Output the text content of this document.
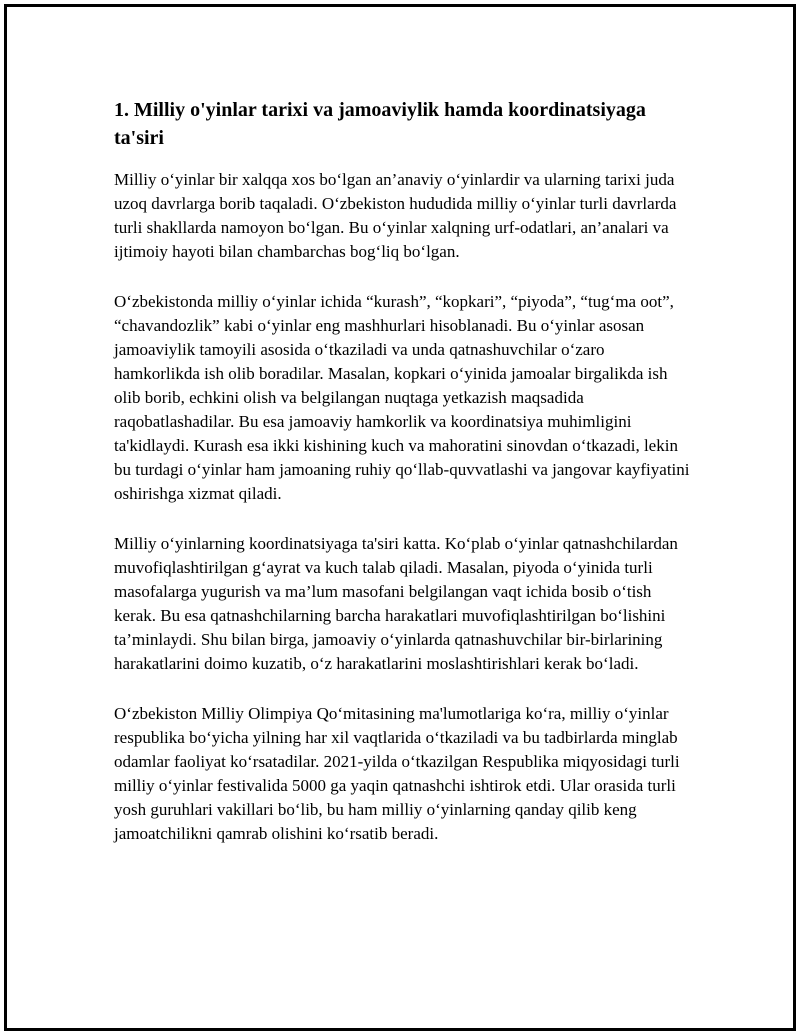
1. Milliy o'yinlar tarixi va jamoaviylik hamda koordinatsiyaga ta'siri

Milliy o‘yinlar bir xalqqa xos bo‘lgan an’anaviy o‘yinlardir va ularning tarixi juda uzoq davrlarga borib taqaladi. O‘zbekiston hududida milliy o‘yinlar turli davrlarda turli shakllarda namoyon bo‘lgan. Bu o‘yinlar xalqning urf-odatlari, an’analari va ijtimoiy hayoti bilan chambarchas bog‘liq bo‘lgan.

O‘zbekistonda milliy o‘yinlar ichida “kurash”, “kopkari”, “piyoda”, “tug‘ma oot”, “chavandozlik” kabi o‘yinlar eng mashhurlari hisoblanadi. Bu o‘yinlar asosan jamoaviylik tamoyili asosida o‘tkaziladi va unda qatnashuvchilar o‘zaro hamkorlikda ish olib boradilar. Masalan, kopkari o‘yinida jamoalar birgalikda ish olib borib, echkini olish va belgilangan nuqtaga yetkazish maqsadida raqobatlashadilar. Bu esa jamoaviy hamkorlik va koordinatsiya muhimligini ta'kidlaydi. Kurash esa ikki kishining kuch va mahoratini sinovdan o‘tkazadi, lekin bu turdagi o‘yinlar ham jamoaning ruhiy qo‘llab-quvvatlashi va jangovar kayfiyatini oshirishga xizmat qiladi.

Milliy o‘yinlarning koordinatsiyaga ta'siri katta. Ko‘plab o‘yinlar qatnashchilardan muvofiqlashtirilgan g‘ayrat va kuch talab qiladi. Masalan, piyoda o‘yinida turli masofalarga yugurish va ma’lum masofani belgilangan vaqt ichida bosib o‘tish kerak. Bu esa qatnashchilarning barcha harakatlari muvofiqlashtirilgan bo‘lishini ta’minlaydi. Shu bilan birga, jamoaviy o‘yinlarda qatnashuvchilar bir-birlarining harakatlarini doimo kuzatib, o‘z harakatlarini moslashtirishlari kerak bo‘ladi.

O‘zbekiston Milliy Olimpiya Qo‘mitasining ma'lumotlariga ko‘ra, milliy o‘yinlar respublika bo‘yicha yilning har xil vaqtlarida o‘tkaziladi va bu tadbirlarda minglab odamlar faoliyat ko‘rsatadilar. 2021-yilda o‘tkazilgan Respublika miqyosidagi turli milliy o‘yinlar festivalida 5000 ga yaqin qatnashchi ishtirok etdi. Ular orasida turli yosh guruhlari vakillari bo‘lib, bu ham milliy o‘yinlarning qanday qilib keng jamoatchilikni qamrab olishini ko‘rsatib beradi.
